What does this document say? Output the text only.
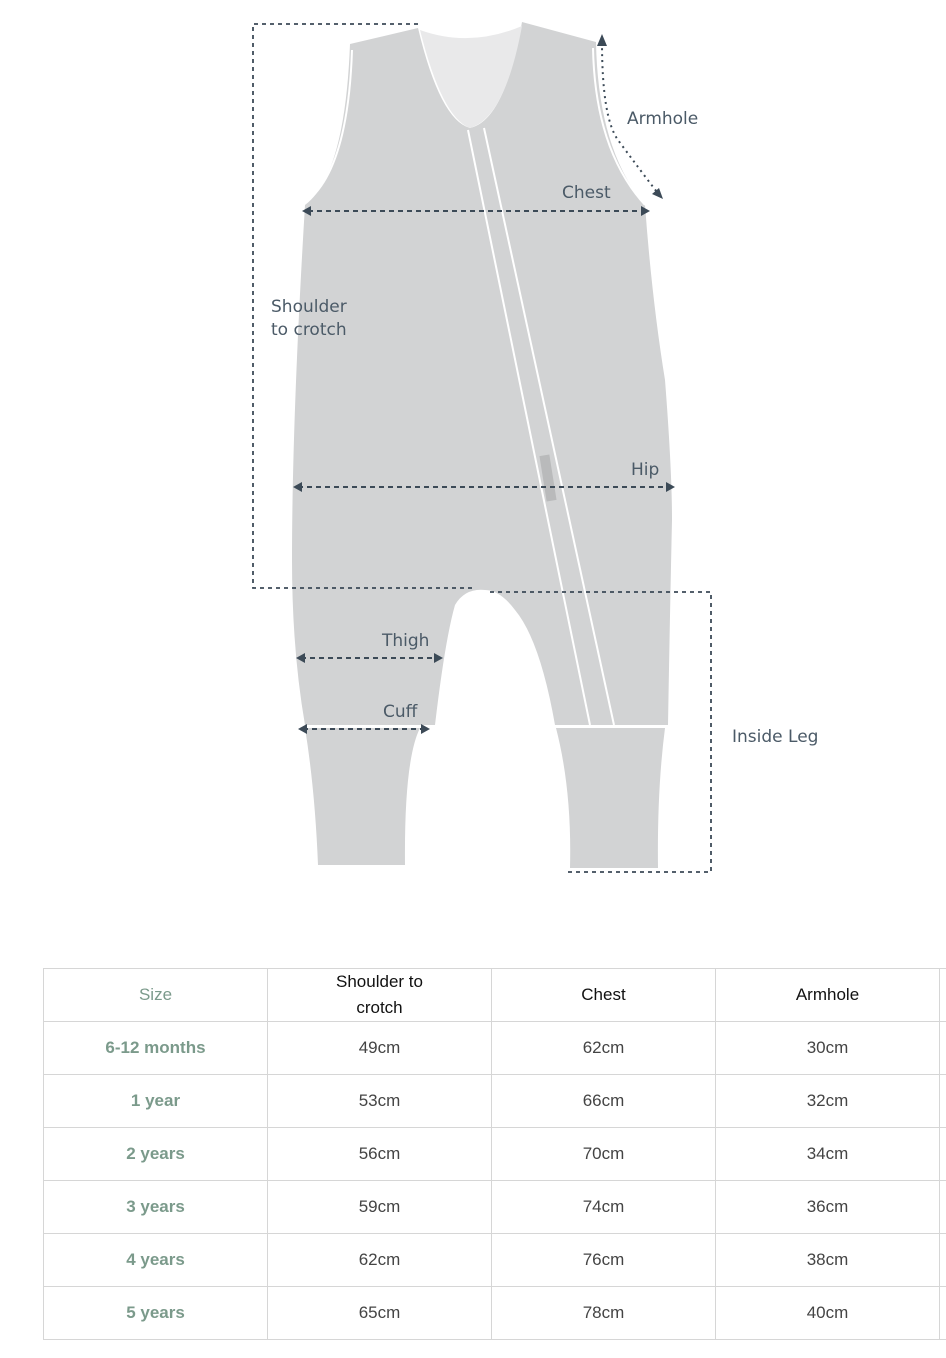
Armhole
Chest
Shoulder
to crotch
Hip
Thigh
Cuff
Inside Leg
Size	Shoulder to crotch	Chest	Armhole	
6-12 months	49cm	62cm	30cm	
1 year	53cm	66cm	32cm	
2 years	56cm	70cm	34cm	
3 years	59cm	74cm	36cm	
4 years	62cm	76cm	38cm	
5 years	65cm	78cm	40cm	
